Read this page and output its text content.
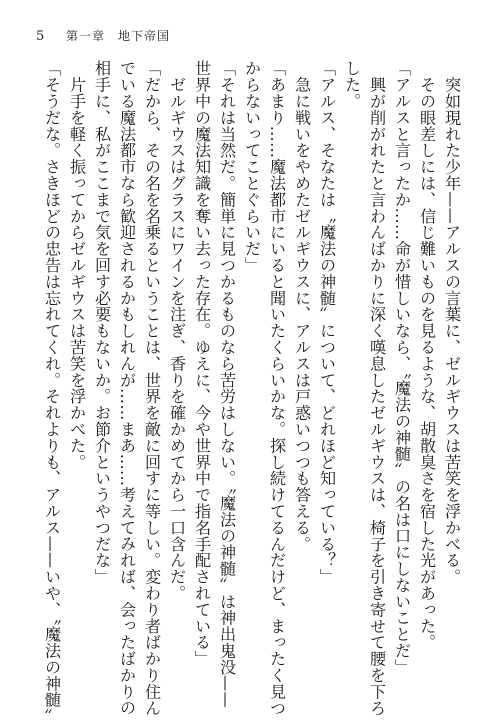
5 第一章　地下帝国
　突如現れた少年——アルスの言葉に、ゼルギウスは苦笑を浮かべる。
　その眼差しには、信じ難いものを見るような、胡散臭さを宿した光があった。
「アルスと言ったか……命が惜しいなら、〝魔法の神髄〟の名は口にしないことだ」
　興が削がれたと言わんばかりに深く嘆息したゼルギウスは、椅子を引き寄せて腰を下ろ
した。
「アルス、そなたは〝魔法の神髄〟について、どれほど知っている？」
　急に戦いをやめたゼルギウスに、アルスは戸惑いつつも答える。
「あまり……魔法都市にいると聞いたくらいかな。探し続けてるんだけど、まったく見つ
からないってことぐらいだ」
「それは当然だ。簡単に見つかるものなら苦労はしない。〝魔法の神髄〟は神出鬼没——
世界中の魔法知識を奪い去った存在。ゆえに、今や世界中で指名手配されている」
　ゼルギウスはグラスにワインを注ぎ、香りを確かめてから一口含んだ。
「だから、その名を名乗るということは、世界を敵に回すに等しい。変わり者ばかり住ん
でいる魔法都市なら歓迎されるかもしれんが……まあ……考えてみれば、会ったばかりの
相手に、私がここまで気を回す必要もないか。お節介というやつだな」
　片手を軽く振ってからゼルギウスは苦笑を浮かべた。
「そうだな。さきほどの忠告は忘れてくれ。それよりも、アルス——いや、〝魔法の神髄〟
